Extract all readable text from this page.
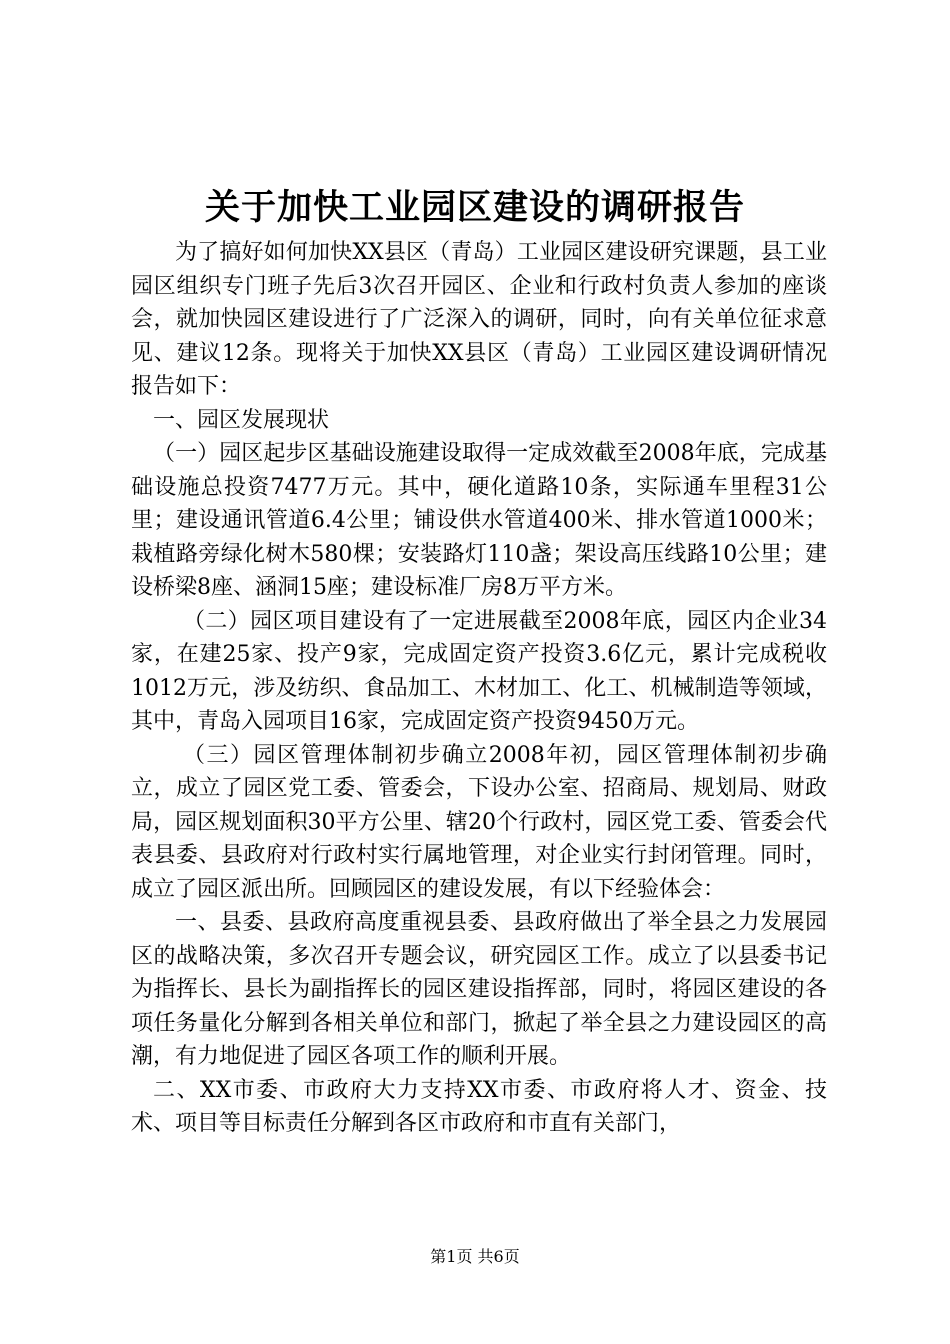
关于加快工业园区建设的调研报告

为了搞好如何加快XX县区（青岛）工业园区建设研究课题，县工业园区组织专门班子先后3次召开园区、企业和行政村负责人参加的座谈会，就加快园区建设进行了广泛深入的调研，同时，向有关单位征求意见、建议12条。现将关于加快XX县区（青岛）工业园区建设调研情况报告如下：

一、园区发展现状

（一）园区起步区基础设施建设取得一定成效截至2008年底，完成基础设施总投资7477万元。其中，硬化道路10条，实际通车里程31公里；建设通讯管道6.4公里；铺设供水管道400米、排水管道1000米；栽植路旁绿化树木580棵；安装路灯110盏；架设高压线路10公里；建设桥梁8座、涵洞15座；建设标准厂房8万平方米。

（二）园区项目建设有了一定进展截至2008年底，园区内企业34家，在建25家、投产9家，完成固定资产投资3.6亿元，累计完成税收1012万元，涉及纺织、食品加工、木材加工、化工、机械制造等领域，其中，青岛入园项目16家，完成固定资产投资9450万元。

（三）园区管理体制初步确立2008年初，园区管理体制初步确立，成立了园区党工委、管委会，下设办公室、招商局、规划局、财政局，园区规划面积30平方公里、辖20个行政村，园区党工委、管委会代表县委、县政府对行政村实行属地管理，对企业实行封闭管理。同时，成立了园区派出所。回顾园区的建设发展，有以下经验体会：

一、县委、县政府高度重视县委、县政府做出了举全县之力发展园区的战略决策，多次召开专题会议，研究园区工作。成立了以县委书记为指挥长、县长为副指挥长的园区建设指挥部，同时，将园区建设的各项任务量化分解到各相关单位和部门，掀起了举全县之力建设园区的高潮，有力地促进了园区各项工作的顺利开展。

二、XX市委、市政府大力支持XX市委、市政府将人才、资金、技术、项目等目标责任分解到各区市政府和市直有关部门，

第1页 共6页
